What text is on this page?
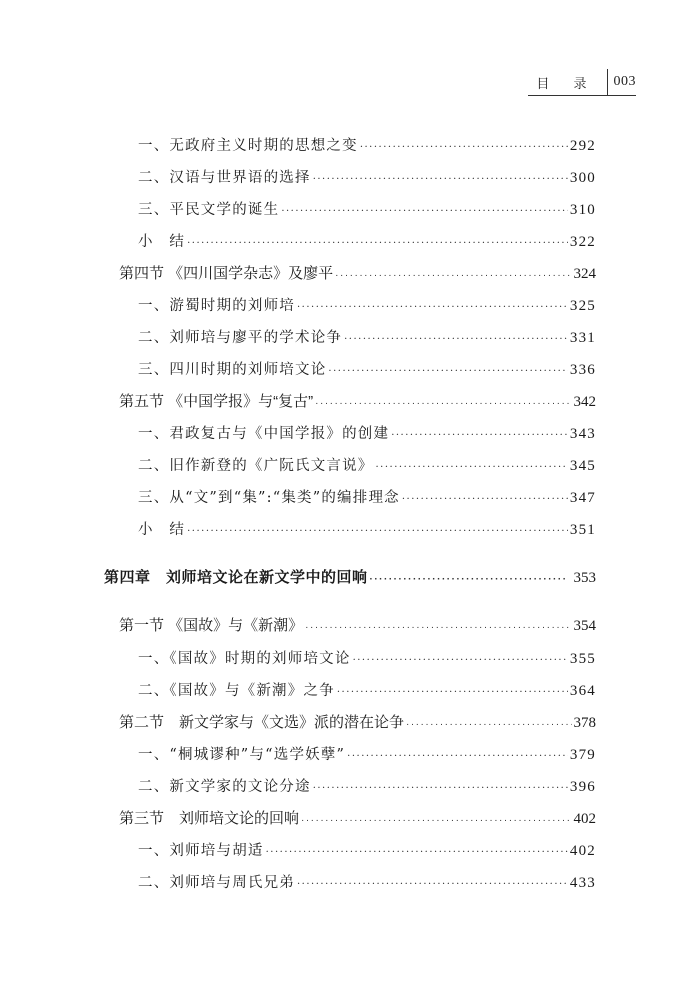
目 录	003
一、无政府主义时期的思想之变 ·····	292
二、汉语与世界语的选择 ·····	300
三、平民文学的诞生 ·····	310
小　结 ·····	322
第四节 《四川国学杂志》及廖平 ·····	324
一、游蜀时期的刘师培 ·····	325
二、刘师培与廖平的学术论争 ·····	331
三、四川时期的刘师培文论 ·····	336
第五节 《中国学报》与“复古” ·····	342
一、君政复古与《中国学报》的创建 ·····	343
二、旧作新登的《广阮氏文言说》 ·····	345
三、从“文”到“集”:“集类”的编排理念 ·····	347
小　结 ·····	351
第四章　刘师培文论在新文学中的回响 ·····	353
第一节 《国故》与《新潮》 ·····	354
一、《国故》时期的刘师培文论 ·····	355
二、《国故》与《新潮》之争 ·····	364
第二节　新文学家与《文选》派的潜在论争 ·····	378
一、“桐城谬种”与“选学妖孽” ·····	379
二、新文学家的文论分途 ·····	396
第三节　刘师培文论的回响 ·····	402
一、刘师培与胡适 ·····	402
二、刘师培与周氏兄弟 ·····	433
